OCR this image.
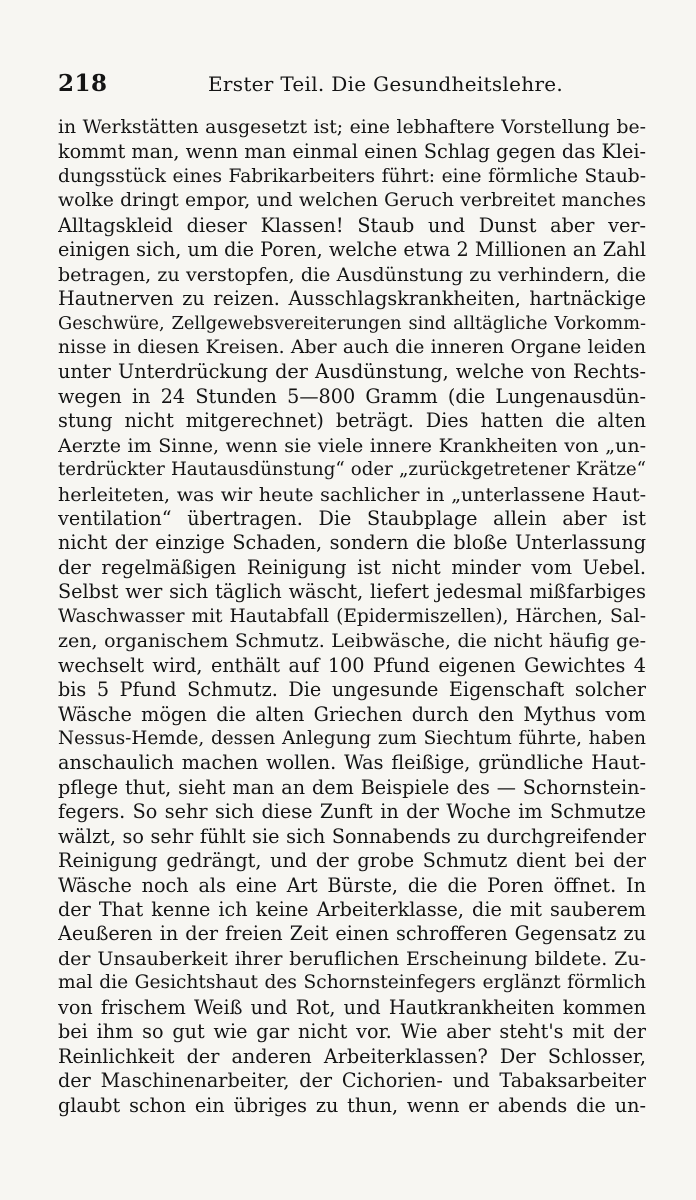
218	Erster Teil. Die Gesundheitslehre.
in Werkstätten ausgesetzt ist; eine lebhaftere Vorstellung be-
kommt man, wenn man einmal einen Schlag gegen das Klei-
dungsstück eines Fabrikarbeiters führt: eine förmliche Staub-
wolke dringt empor, und welchen Geruch verbreitet manches
Alltagskleid dieser Klassen! Staub und Dunst aber ver-
einigen sich, um die Poren, welche etwa 2 Millionen an Zahl
betragen, zu verstopfen, die Ausdünstung zu verhindern, die
Hautnerven zu reizen. Ausschlagskrankheiten, hartnäckige
Geschwüre, Zellgewebsvereiterungen sind alltägliche Vorkomm-
nisse in diesen Kreisen. Aber auch die inneren Organe leiden
unter Unterdrückung der Ausdünstung, welche von Rechts-
wegen in 24 Stunden 5—800 Gramm (die Lungenausdün-
stung nicht mitgerechnet) beträgt. Dies hatten die alten
Aerzte im Sinne, wenn sie viele innere Krankheiten von „un-
terdrückter Hautausdünstung“ oder „zurückgetretener Krätze“
herleiteten, was wir heute sachlicher in „unterlassene Haut-
ventilation“ übertragen. Die Staubplage allein aber ist
nicht der einzige Schaden, sondern die bloße Unterlassung
der regelmäßigen Reinigung ist nicht minder vom Uebel.
Selbst wer sich täglich wäscht, liefert jedesmal mißfarbiges
Waschwasser mit Hautabfall (Epidermiszellen), Härchen, Sal-
zen, organischem Schmutz. Leibwäsche, die nicht häufig ge-
wechselt wird, enthält auf 100 Pfund eigenen Gewichtes 4
bis 5 Pfund Schmutz. Die ungesunde Eigenschaft solcher
Wäsche mögen die alten Griechen durch den Mythus vom
Nessus-Hemde, dessen Anlegung zum Siechtum führte, haben
anschaulich machen wollen. Was fleißige, gründliche Haut-
pflege thut, sieht man an dem Beispiele des — Schornstein-
fegers. So sehr sich diese Zunft in der Woche im Schmutze
wälzt, so sehr fühlt sie sich Sonnabends zu durchgreifender
Reinigung gedrängt, und der grobe Schmutz dient bei der
Wäsche noch als eine Art Bürste, die die Poren öffnet. In
der That kenne ich keine Arbeiterklasse, die mit sauberem
Aeußeren in der freien Zeit einen schrofferen Gegensatz zu
der Unsauberkeit ihrer beruflichen Erscheinung bildete. Zu-
mal die Gesichtshaut des Schornsteinfegers erglänzt förmlich
von frischem Weiß und Rot, und Hautkrankheiten kommen
bei ihm so gut wie gar nicht vor. Wie aber steht's mit der
Reinlichkeit der anderen Arbeiterklassen? Der Schlosser,
der Maschinenarbeiter, der Cichorien- und Tabaksarbeiter
glaubt schon ein übriges zu thun, wenn er abends die un-
